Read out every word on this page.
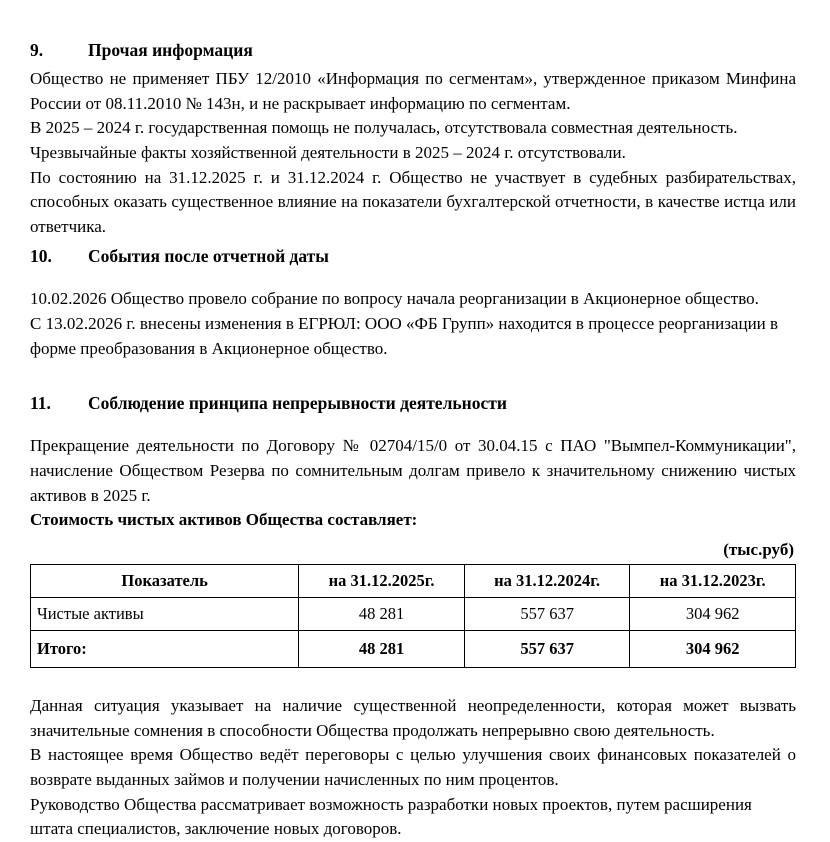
9.	Прочая информация

Общество не применяет ПБУ 12/2010 «Информация по сегментам», утвержденное приказом Минфина России от 08.11.2010 № 143н, и не раскрывает информацию по сегментам.

В 2025 – 2024 г. государственная помощь не получалась, отсутствовала совместная деятельность.

Чрезвычайные факты хозяйственной деятельности в 2025 – 2024 г. отсутствовали.

По состоянию на 31.12.2025 г. и 31.12.2024 г. Общество не участвует в судебных разбирательствах, способных оказать существенное влияние на показатели бухгалтерской отчетности, в качестве истца или ответчика.

10.	События после отчетной даты

10.02.2026 Общество провело собрание по вопросу начала реорганизации в Акционерное общество.

С 13.02.2026 г. внесены изменения в ЕГРЮЛ: ООО «ФБ Групп» находится в процессе реорганизации в форме преобразования в Акционерное общество.

11.	Соблюдение принципа непрерывности деятельности

Прекращение деятельности по Договору № 02704/15/0 от 30.04.15 с ПАО "Вымпел-Коммуникации", начисление Обществом Резерва по сомнительным долгам привело к значительному снижению чистых активов в 2025 г.

Стоимость чистых активов Общества составляет:

(тыс.руб)

Показатель	на 31.12.2025г.	на 31.12.2024г.	на 31.12.2023г.
Чистые активы	48 281	557 637	304 962
Итого:	48 281	557 637	304 962

Данная ситуация указывает на наличие существенной неопределенности, которая может вызвать значительные сомнения в способности Общества продолжать непрерывно свою деятельность.

В настоящее время Общество ведёт переговоры с целью улучшения своих финансовых показателей о возврате выданных займов и получении начисленных по ним процентов.

Руководство Общества рассматривает возможность разработки новых проектов, путем расширения штата специалистов, заключение новых договоров.
